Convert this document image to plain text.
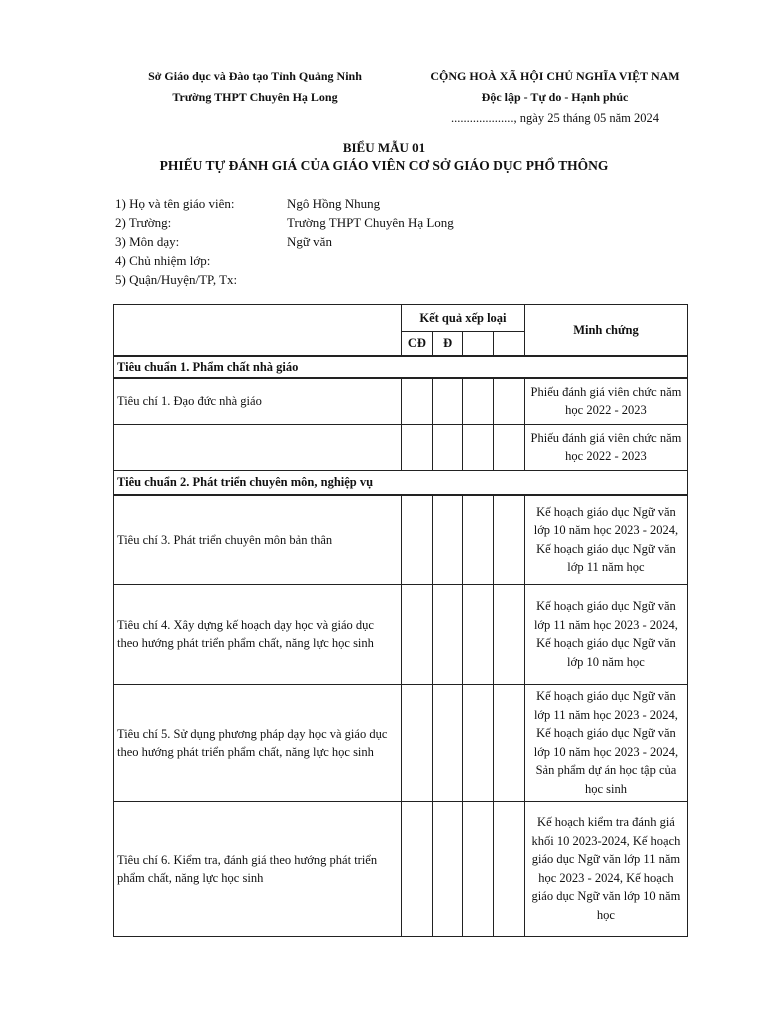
Sở Giáo dục và Đào tạo Tỉnh Quảng Ninh
Trường THPT Chuyên Hạ Long
CỘNG HOÀ XÃ HỘI CHỦ NGHĨA VIỆT NAM
Độc lập - Tự do - Hạnh phúc
...................., ngày 25 tháng 05 năm 2024
BIỂU MẪU 01
PHIẾU TỰ ĐÁNH GIÁ CỦA GIÁO VIÊN CƠ SỞ GIÁO DỤC PHỔ THÔNG
1) Họ và tên giáo viên:	Ngô Hồng Nhung
2) Trường:	Trường THPT Chuyên Hạ Long
3) Môn dạy:	Ngữ văn
4) Chủ nhiệm lớp:
5) Quận/Huyện/TP, Tx:
	Kết quả xếp loại				Minh chứng
	CĐ	Đ			
Tiêu chuẩn 1. Phẩm chất nhà giáo					
Tiêu chí 1. Đạo đức nhà giáo					Phiếu đánh giá viên chức năm học 2022 - 2023
					Phiếu đánh giá viên chức năm học 2022 - 2023
Tiêu chuẩn 2. Phát triển chuyên môn, nghiệp vụ					
Tiêu chí 3. Phát triển chuyên môn bản thân					Kế hoạch giáo dục Ngữ văn lớp 10 năm học 2023 - 2024, Kế hoạch giáo dục Ngữ văn lớp 11 năm học
Tiêu chí 4. Xây dựng kế hoạch dạy học và giáo dục theo hướng phát triển phẩm chất, năng lực học sinh					Kế hoạch giáo dục Ngữ văn lớp 11 năm học 2023 - 2024, Kế hoạch giáo dục Ngữ văn lớp 10 năm học
Tiêu chí 5. Sử dụng phương pháp dạy học và giáo dục theo hướng phát triển phẩm chất, năng lực học sinh					Kế hoạch giáo dục Ngữ văn lớp 11 năm học 2023 - 2024, Kế hoạch giáo dục Ngữ văn lớp 10 năm học 2023 - 2024, Sản phẩm dự án học tập của học sinh
Tiêu chí 6. Kiểm tra, đánh giá theo hướng phát triển phẩm chất, năng lực học sinh					Kế hoạch kiểm tra đánh giá khối 10 2023-2024, Kế hoạch giáo dục Ngữ văn lớp 11 năm học 2023 - 2024, Kế hoạch giáo dục Ngữ văn lớp 10 năm học
